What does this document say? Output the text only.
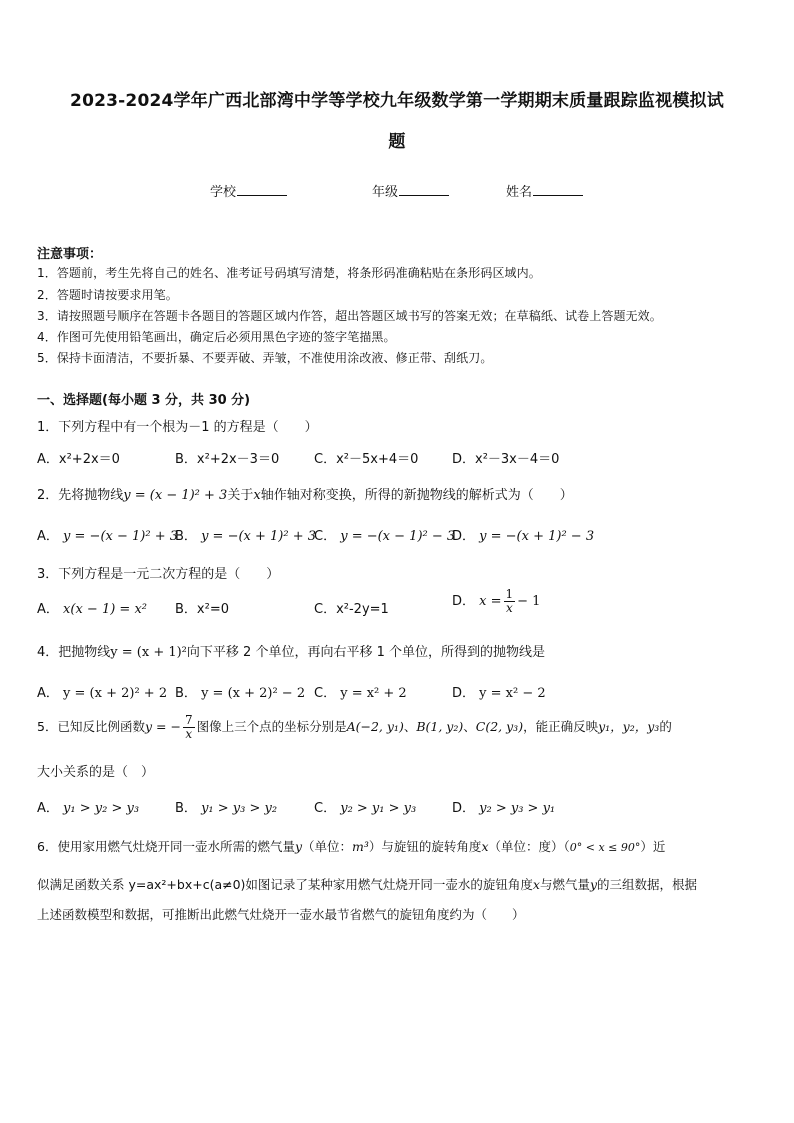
2023-2024学年广西北部湾中学等学校九年级数学第一学期期末质量跟踪监视模拟试
题
学校	年级	姓名
注意事项：
1．答题前，考生先将自己的姓名、准考证号码填写清楚，将条形码准确粘贴在条形码区域内。
2．答题时请按要求用笔。
3．请按照题号顺序在答题卡各题目的答题区域内作答，超出答题区域书写的答案无效；在草稿纸、试卷上答题无效。
4．作图可先使用铅笔画出，确定后必须用黑色字迹的签字笔描黑。
5．保持卡面清洁，不要折暴、不要弄破、弄皱，不准使用涂改液、修正带、刮纸刀。
一、选择题(每小题 3 分，共 30 分)
1．下列方程中有一个根为－1 的方程是（　　）
A．x²+2x＝0	B．x²+2x－3＝0	C．x²－5x+4＝0	D．x²－3x－4＝0
2．先将抛物线y = (x − 1)² + 3关于x轴作轴对称变换，所得的新抛物线的解析式为（　　）
A． y = −(x − 1)² + 3
B． y = −(x + 1)² + 3
C． y = −(x − 1)² − 3
D． y = −(x + 1)² − 3
3．下列方程是一元二次方程的是（　　）
A． x(x − 1) = x² B．x²=0	C．x²-2y=1
D． $x = \frac{1}{x} - 1$
4．把抛物线y = (x + 1)²向下平移 2 个单位，再向右平移 1 个单位，所得到的抛物线是
A． y = (x + 2)² + 2 B． y = (x + 2)² − 2 C． y = x² + 2	D． y = x² − 2
5．已知反比例函数y = − $\frac{7}{x}$ 图像上三个点的坐标分别是A(−2, y₁)、B(1, y₂)、C(2, y₃)，能正确反映y₁，y₂，y₃的
大小关系的是（　）
A． y₁ > y₂ > y₃	B． y₁ > y₃ > y₂	C． y₂ > y₁ > y₃	D． y₂ > y₃ > y₁
6．使用家用燃气灶烧开同一壶水所需的燃气量y（单位：m³）与旋钮的旋转角度x（单位：度）（0° < x ≤ 90°）近
似满足函数关系 y=ax²+bx+c(a≠0)如图记录了某种家用燃气灶烧开同一壶水的旋钮角度x与燃气量y的三组数据，根据
上述函数模型和数据，可推断出此燃气灶烧开一壶水最节省燃气的旋钮角度约为（　　）
